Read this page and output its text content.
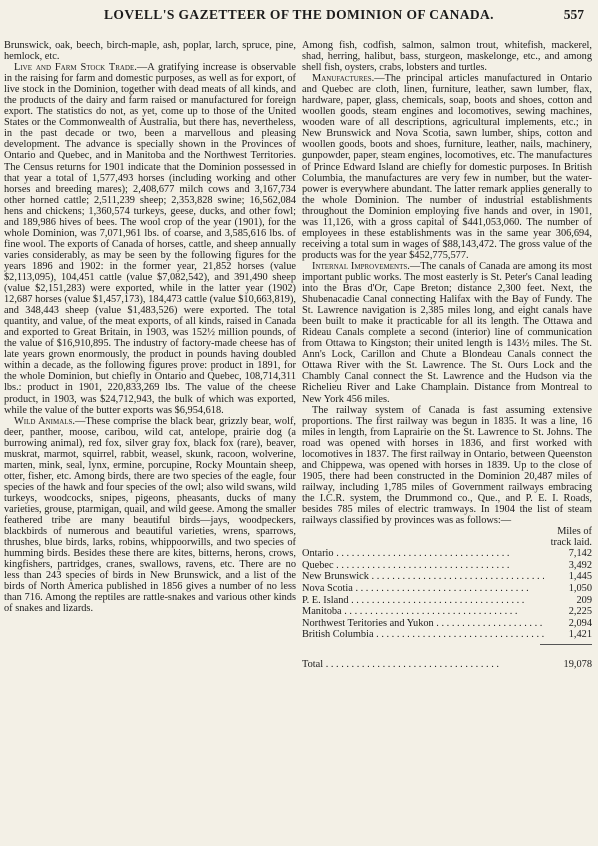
LOVELL'S GAZETTEER OF THE DOMINION OF CANADA.	557

Brunswick, oak, beech, birch-maple, ash, poplar, larch, spruce, pine, hemlock, etc.

Live and Farm Stock Trade.—A gratifying increase is observable in the raising for farm and domestic purposes, as well as for export, of live stock in the Dominion, together with dead meats of all kinds, and the products of the dairy and farm raised or manufactured for foreign export. The statistics do not, as yet, come up to those of the United States or the Commonwealth of Australia, but there has, nevertheless, in the past decade or two, been a marvellous and pleasing development. The advance is specially shown in the Provinces of Ontario and Quebec, and in Manitoba and the Northwest Territories. The Census returns for 1901 indicate that the Dominion possessed in that year a total of 1,577,493 horses (including working and other horses and breeding mares); 2,408,677 milch cows and 3,167,734 other horned cattle; 2,511,239 sheep; 2,353,828 swine; 16,562,084 hens and chickens; 1,360,574 turkeys, geese, ducks, and other fowl; and 189,986 hives of bees. The wool crop of the year (1901), for the whole Dominion, was 7,071,961 lbs. of coarse, and 3,585,616 lbs. of fine wool. The exports of Canada of horses, cattle, and sheep annually varies considerably, as may be seen by the following figures for the years 1896 and 1902: in the former year, 21,852 horses (value $2,113,095), 104,451 cattle (value $7,082,542), and 391,490 sheep (value $2,151,283) were exported, while in the latter year (1902) 12,687 horses (value $1,457,173), 184,473 cattle (value $10,663,819), and 348,443 sheep (value $1,483,526) were exported. The total quantity, and value, of the meat exports, of all kinds, raised in Canada and exported to Great Britain, in 1903, was 152½ million pounds, of the value of $16,910,895. The industry of factory-made cheese has of late years grown enormously, the product in pounds having doubled within a decade, as the following figures prove: product in 1891, for the whole Dominion, but chiefly in Ontario and Quebec, 108,714,311 lbs.: product in 1901, 220,833,269 lbs. The value of the cheese product, in 1903, was $24,712,943, the bulk of which was exported, while the value of the butter exports was $6,954,618.

Wild Animals.—These comprise the black bear, grizzly bear, wolf, deer, panther, moose, caribou, wild cat, antelope, prairie dog (a burrowing animal), red fox, silver gray fox, black fox (rare), beaver, muskrat, marmot, squirrel, rabbit, weasel, skunk, racoon, wolverine, marten, mink, seal, lynx, ermine, porcupine, Rocky Mountain sheep, otter, fisher, etc. Among birds, there are two species of the eagle, four species of the hawk and four species of the owl; also wild swans, wild turkeys, woodcocks, snipes, pigeons, pheasants, ducks of many varieties, grouse, ptarmigan, quail, and wild geese. Among the smaller feathered tribe are many beautiful birds—jays, woodpeckers, blackbirds of numerous and beautiful varieties, wrens, sparrows, thrushes, blue birds, larks, robins, whippoorwills, and two species of humming birds. Besides these there are kites, bitterns, herons, crows, kingfishers, partridges, cranes, swallows, ravens, etc. There are no less than 243 species of birds in New Brunswick, and a list of the birds of North America published in 1856 gives a number of no less than 716. Among the reptiles are rattle-snakes and various other kinds of snakes and lizards.

Among fish, codfish, salmon, salmon trout, whitefish, mackerel, shad, herring, halibut, bass, sturgeon, maskelonge, etc., and among shell fish, oysters, crabs, lobsters and turtles.

Manufactures.—The principal articles manufactured in Ontario and Quebec are cloth, linen, furniture, leather, sawn lumber, flax, hardware, paper, glass, chemicals, soap, boots and shoes, cotton and woollen goods, steam engines and locomotives, sewing machines, wooden ware of all descriptions, agricultural implements, etc.; in New Brunswick and Nova Scotia, sawn lumber, ships, cotton and woollen goods, boots and shoes, furniture, leather, nails, machinery, gunpowder, paper, steam engines, locomotives, etc. The manufactures of Prince Edward Island are chiefly for domestic purposes. In British Columbia, the manufactures are very few in number, but the water-power is everywhere abundant. The latter remark applies generally to the whole Dominion. The number of industrial establishments throughout the Dominion employing five hands and over, in 1901, was 11,126, with a gross capital of $441,053,060. The number of employees in these establishments was in the same year 306,694, receiving a total sum in wages of $88,143,472. The gross value of the products was for the year $452,775,577.

Internal Improvements.—The canals of Canada are among its most important public works. The most easterly is St. Peter's Canal leading into the Bras d'Or, Cape Breton; distance 2,300 feet. Next, the Shubenacadie Canal connecting Halifax with the Bay of Fundy. The St. Lawrence navigation is 2,385 miles long, and eight canals have been built to make it practicable for all its length. The Ottawa and Rideau Canals complete a second (interior) line of communication from Ottawa to Kingston; their united length is 143½ miles. The St. Ann's Lock, Carillon and Chute a Blondeau Canals connect the Ottawa River with the St. Lawrence. The St. Ours Lock and the Chambly Canal connect the St. Lawrence and the Hudson via the Richelieu River and Lake Champlain. Distance from Montreal to New York 456 miles.

The railway system of Canada is fast assuming extensive proportions. The first railway was begun in 1835. It was a line, 16 miles in length, from Laprairie on the St. Lawrence to St. Johns. The road was opened with horses in 1836, and first worked with locomotives in 1837. The first railway in Ontario, between Queenston and Chippewa, was opened with horses in 1839. Up to the close of 1905, there had been constructed in the Dominion 20,487 miles of railway, including 1,785 miles of Government railways embracing the I.C.R. system, the Drummond co., Que., and P. E. I. Roads, besides 785 miles of electric tramways. In 1904 the list of steam railways classified by provinces was as follows:—

Miles of
track laid.
Ontario . . .	7,142
Quebec . . .	3,492
New Brunswick . . .	1,445
Nova Scotia . . .	1,050
P. E. Island . . .	209
Manitoba . . .	2,225
Northwest Teritories and Yukon . . .	2,094
British Columbia . . .	1,421
Total . . .	19,078
